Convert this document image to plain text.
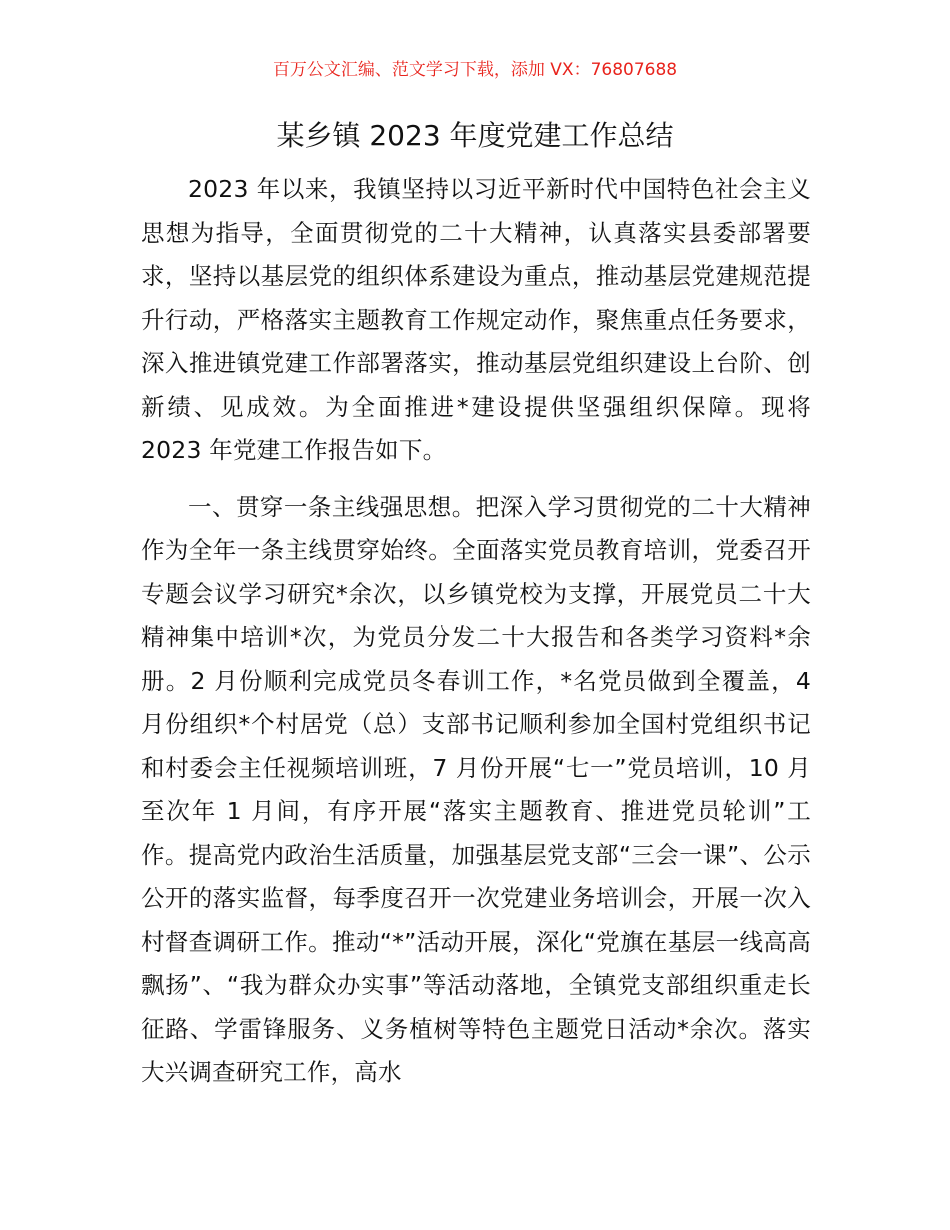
百万公文汇编、范文学习下载，添加 VX：76807688
某乡镇 2023 年度党建工作总结

2023 年以来，我镇坚持以习近平新时代中国特色社会主义思想为指导，全面贯彻党的二十大精神，认真落实县委部署要求，坚持以基层党的组织体系建设为重点，推动基层党建规范提升行动，严格落实主题教育工作规定动作，聚焦重点任务要求，深入推进镇党建工作部署落实，推动基层党组织建设上台阶、创新绩、见成效。为全面推进*建设提供坚强组织保障。现将 2023 年党建工作报告如下。

一、贯穿一条主线强思想。把深入学习贯彻党的二十大精神作为全年一条主线贯穿始终。全面落实党员教育培训，党委召开专题会议学习研究*余次，以乡镇党校为支撑，开展党员二十大精神集中培训*次，为党员分发二十大报告和各类学习资料*余册。2 月份顺利完成党员冬春训工作，*名党员做到全覆盖，4 月份组织*个村居党（总）支部书记顺利参加全国村党组织书记和村委会主任视频培训班，7 月份开展“七一”党员培训，10 月至次年 1 月间，有序开展“落实主题教育、推进党员轮训”工作。提高党内政治生活质量，加强基层党支部“三会一课”、公示公开的落实监督，每季度召开一次党建业务培训会，开展一次入村督查调研工作。推动“*”活动开展，深化“党旗在基层一线高高飘扬”、“我为群众办实事”等活动落地，全镇党支部组织重走长征路、学雷锋服务、义务植树等特色主题党日活动*余次。落实大兴调查研究工作，高水
